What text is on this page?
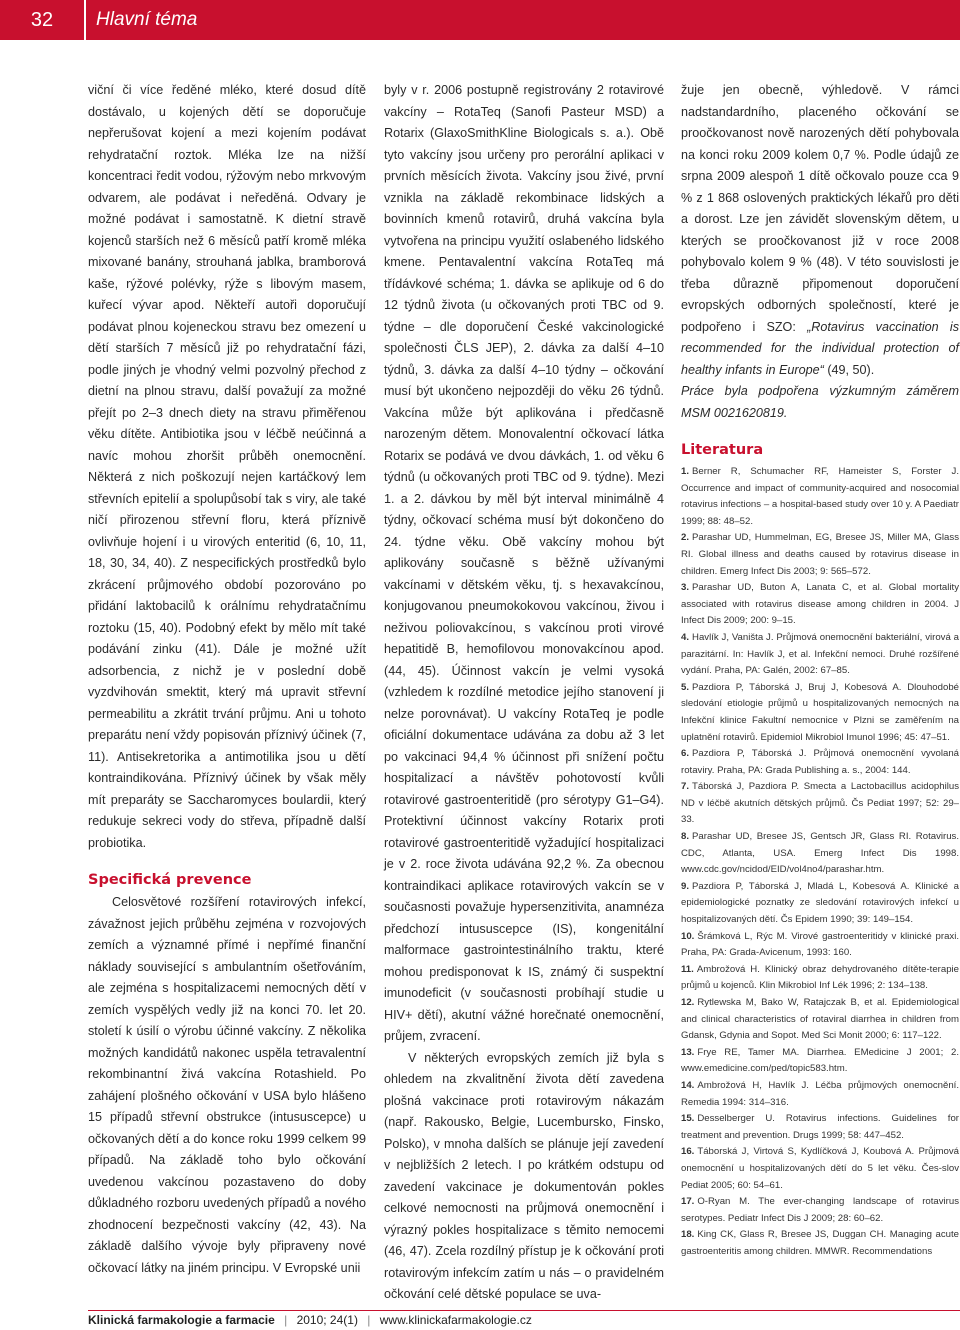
32	Hlavní téma

viční či více ředěné mléko, které dosud dítě dostávalo, u kojených dětí se doporučuje nepřerušovat kojení a mezi kojením podávat rehydratační roztok. Mléka lze na nižší koncentraci ředit vodou, rýžovým nebo mrkvovým odvarem, ale podávat i neředěná. Odvary je možné podávat i samostatně. K dietní stravě kojenců starších než 6 měsíců patří kromě mléka mixované banány, strouhaná jablka, bramborová kaše, rýžové polévky, rýže s libovým masem, kuřecí vývar apod. Někteří autoři doporučují podávat plnou kojeneckou stravu bez omezení u dětí starších 7 měsíců již po rehydratační fázi, podle jiných je vhodný velmi pozvolný přechod z dietní na plnou stravu, další považují za možné přejít po 2–3 dnech diety na stravu přiměřenou věku dítěte. Antibiotika jsou v léčbě neúčinná a navíc mohou zhoršit průběh onemocnění. Některá z nich poškozují nejen kartáčkový lem střevních epitelií a spolupůsobí tak s viry, ale také ničí přirozenou střevní floru, která příznivě ovlivňuje hojení i u virových enteritid (6, 10, 11, 18, 30, 34, 40). Z nespecifických prostředků bylo zkrácení průjmového období pozorováno po přidání laktobacilů k orálnímu rehydratačnímu roztoku (15, 40). Podobný efekt by mělo mít také podávání zinku (41). Dále je možné užít adsorbencia, z nichž je v poslední době vyzdvihován smektit, který má upravit střevní permeabilitu a zkrátit trvání průjmu. Ani u tohoto preparátu není vždy popisován příznivý účinek (7, 11). Antisekretorika a antimotilika jsou u dětí kontraindikována. Příznivý účinek by však měly mít preparáty se Saccharomyces boulardii, který redukuje sekreci vody do střeva, případně další probiotika.

Specifická prevence

Celosvětové rozšíření rotavirových infekcí, závažnost jejich průběhu zejména v rozvojových zemích a významné přímé i nepřímé finanční náklady související s ambulantním ošetřováním, ale zejména s hospitalizacemi nemocných dětí v zemích vyspělých vedly již na konci 70. let 20. století k úsilí o výrobu účinné vakcíny. Z několika možných kandidátů nakonec uspěla tetravalentní rekombinantní živá vakcína Rotashield. Po zahájení plošného očkování v USA bylo hlášeno 15 případů střevní obstrukce (intususcepce) u očkovaných dětí a do konce roku 1999 celkem 99 případů. Na základě toho bylo očkování uvedenou vakcínou pozastaveno do doby důkladného rozboru uvedených případů a nového zhodnocení bezpečnosti vakcíny (42, 43). Na základě dalšího vývoje byly připraveny nové očkovací látky na jiném principu. V Evropské unii

byly v r. 2006 postupně registrovány 2 rotavirové vakcíny – RotaTeq (Sanofi Pasteur MSD) a Rotarix (GlaxoSmithKline Biologicals s. a.). Obě tyto vakcíny jsou určeny pro perorální aplikaci v prvních měsících života. Vakcíny jsou živé, první vznikla na základě rekombinace lidských a bovinních kmenů rotavirů, druhá vakcína byla vytvořena na principu využití oslabeného lidského kmene. Pentavalentní vakcína RotaTeq má třídávkové schéma; 1. dávka se aplikuje od 6 do 12 týdnů života (u očkovaných proti TBC od 9. týdne – dle doporučení České vakcinologické společnosti ČLS JEP), 2. dávka za další 4–10 týdnů, 3. dávka za další 4–10 týdny – očkování musí být ukončeno nejpozději do věku 26 týdnů. Vakcína může být aplikována i předčasně narozeným dětem. Monovalentní očkovací látka Rotarix se podává ve dvou dávkách, 1. od věku 6 týdnů (u očkovaných proti TBC od 9. týdne). Mezi 1. a 2. dávkou by měl být interval minimálně 4 týdny, očkovací schéma musí být dokončeno do 24. týdne věku. Obě vakcíny mohou být aplikovány současně s běžně užívanými vakcínami v dětském věku, tj. s hexavakcínou, konjugovanou pneumokokovou vakcínou, živou i neživou poliovakcínou, s vakcínou proti virové hepatitidě B, hemofilovou monovakcínou apod. (44, 45). Účinnost vakcín je velmi vysoká (vzhledem k rozdílné metodice jejího stanovení ji nelze porovnávat). U vakcíny RotaTeq je podle oficiální dokumentace udávána za dobu až 3 let po vakcinaci 94,4 % účinnost při snížení počtu hospitalizací a návštěv pohotovostí kvůli rotavirové gastroenteritidě (pro sérotypy G1–G4). Protektivní účinnost vakcíny Rotarix proti rotavirové gastroenteritidě vyžadující hospitalizaci je v 2. roce života udávána 92,2 %. Za obecnou kontraindikaci aplikace rotavirových vakcín se v současnosti považuje hypersenzitivita, anamnéza předchozí intususcepce (IS), kongenitální malformace gastrointestinálního traktu, které mohou predisponovat k IS, známý či suspektní imunodeficit (v současnosti probíhají studie u HIV+ dětí), akutní vážné horečnaté onemocnění, průjem, zvracení.

V některých evropských zemích již byla s ohledem na zkvalitnění života dětí zavedena plošná vakcinace proti rotavirovým nákazám (např. Rakousko, Belgie, Lucembursko, Finsko, Polsko), v mnoha dalších se plánuje její zavedení v nejbližších 2 letech. I po krátkém odstupu od zavedení vakcinace je dokumentován pokles celkové nemocnosti na průjmová onemocnění i výrazný pokles hospitalizace s těmito nemocemi (46, 47). Zcela rozdílný přístup je k očkování proti rotavirovým infekcím zatím u nás – o pravidelném očkování celé dětské populace se uva-

žuje jen obecně, výhledově. V rámci nadstandardního, placeného očkování se proočkovanost nově narozených dětí pohybovala na konci roku 2009 kolem 0,7 %. Podle údajů ze srpna 2009 alespoň 1 dítě očkovalo pouze cca 9 % z 1 868 oslovených praktických lékařů pro děti a dorost. Lze jen závidět slovenským dětem, u kterých se proočkovanost již v roce 2008 pohybovalo kolem 9 % (48). V této souvislosti je třeba důrazně připomenout doporučení evropských odborných společností, které je podpořeno i SZO: „Rotavirus vaccination is recommended for the individual protection of healthy infants in Europe“ (49, 50).

Práce byla podpořena výzkumným záměrem MSM 0021620819.

Literatura
1. Berner R, Schumacher RF, Hameister S, Forster J. Occurrence and impact of community-acquired and nosocomial rotavirus infections – a hospital-based study over 10 y. A Paediatr 1999; 88: 48–52.
2. Parashar UD, Hummelman, EG, Bresee JS, Miller MA, Glass RI. Global illness and deaths caused by rotavirus disease in children. Emerg Infect Dis 2003; 9: 565–572.
3. Parashar UD, Buton A, Lanata C, et al. Global mortality associated with rotavirus disease among children in 2004. J Infect Dis 2009; 200: 9–15.
4. Havlík J, Vaništa J. Průjmová onemocnění bakteriální, virová a parazitární. In: Havlík J, et al. Infekční nemoci. Druhé rozšířené vydání. Praha, PA: Galén, 2002: 67–85.
5. Pazdiora P, Táborská J, Bruj J, Kobesová A. Dlouhodobé sledování etiologie průjmů u hospitalizovaných nemocných na Infekční klinice Fakultní nemocnice v Plzni se zaměřením na uplatnění rotavirů. Epidemiol Mikrobiol Imunol 1996; 45: 47–51.
6. Pazdiora P, Táborská J. Průjmová onemocnění vyvolaná rotaviry. Praha, PA: Grada Publishing a. s., 2004: 144.
7. Táborská J, Pazdiora P. Smecta a Lactobacillus acidophilus ND v léčbě akutních dětských průjmů. Čs Pediat 1997; 52: 29–33.
8. Parashar UD, Bresee JS, Gentsch JR, Glass RI. Rotavirus. CDC, Atlanta, USA. Emerg Infect Dis 1998. www.cdc.gov/ncidod/EID/vol4no4/parashar.htm.
9. Pazdiora P, Táborská J, Mladá L, Kobesová A. Klinické a epidemiologické poznatky ze sledování rotavirových infekcí u hospitalizovaných dětí. Čs Epidem 1990; 39: 149–154.
10. Šrámková L, Rýc M. Virové gastroenteritidy v klinické praxi. Praha, PA: Grada-Avicenum, 1993: 160.
11. Ambrožová H. Klinický obraz dehydrovaného dítěte-terapie průjmů u kojenců. Klin Mikrobiol Inf Lék 1996; 2: 134–138.
12. Rytlewska M, Bako W, Ratajczak B, et al. Epidemiological and clinical characteristics of rotaviral diarrhea in children from Gdansk, Gdynia and Sopot. Med Sci Monit 2000; 6: 117–122.
13. Frye RE, Tamer MA. Diarrhea. EMedicine J 2001; 2. www.emedicine.com/ped/topic583.htm.
14. Ambrožová H, Havlík J. Léčba průjmových onemocnění. Remedia 1994: 314–316.
15. Desselberger U. Rotavirus infections. Guidelines for treatment and prevention. Drugs 1999; 58: 447–452.
16. Táborská J, Virtová S, Kydlíčková J, Koubová A. Průjmová onemocnění u hospitalizovaných dětí do 5 let věku. Čes-slov Pediat 2005; 60: 54–61.
17. O-Ryan M. The ever-changing landscape of rotavirus serotypes. Pediatr Infect Dis J 2009; 28: 60–62.
18. King CK, Glass R, Bresee JS, Duggan CH. Managing acute gastroenteritis among children. MMWR. Recommendations
Klinická farmakologie a farmacie | 2010; 24(1) | www.klinickafarmakologie.cz
